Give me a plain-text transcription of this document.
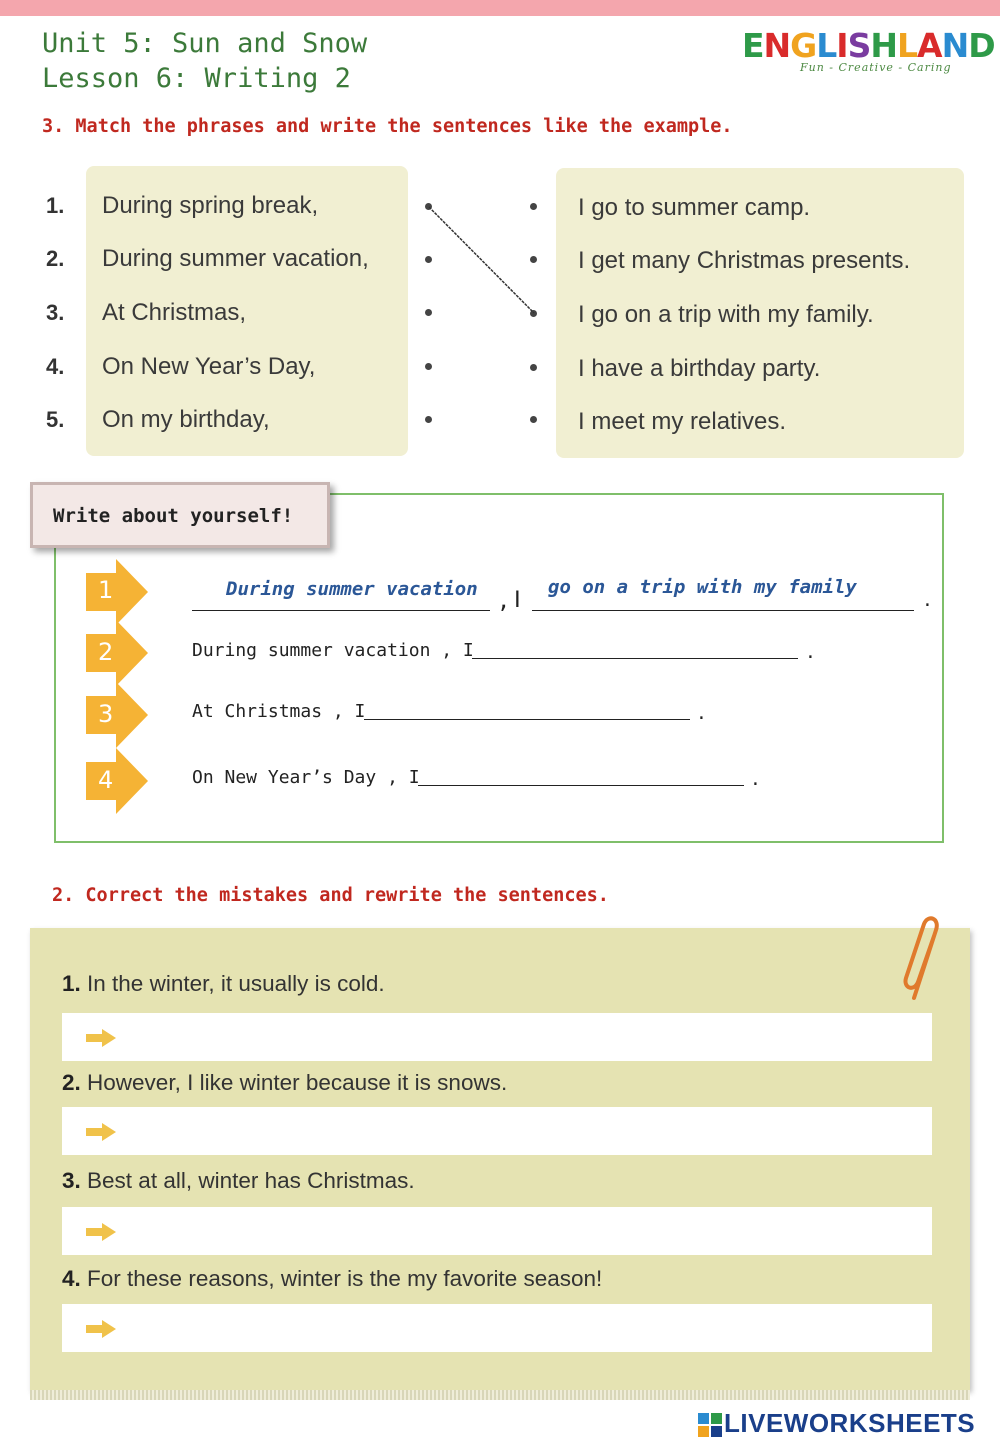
Unit 5: Sun and Snow
Lesson 6: Writing 2
ENGLISHLAND
Fun - Creative - Caring
3. Match the phrases and write the sentences like the example.
1.
2.
3.
4.
5.
During spring break,
During summer vacation,
At Christmas,
On New Year’s Day,
On my birthday,
I go to summer camp.
I get many Christmas presents.
I go on a trip with my family.
I have a birthday party.
I meet my relatives.
Write about yourself!
1
2
3
4
During summer vacation , I go on a trip with my family
.
During summer vacation , I	.
At Christmas , I	.
On New Year’s Day , I	.
2. Correct the mistakes and rewrite the sentences.
1. In the winter, it usually is cold.
2. However, I like winter because it is snows.
3. Best at all, winter has Christmas.
4. For these reasons, winter is the my favorite season!
LIVEWORKSHEETS
